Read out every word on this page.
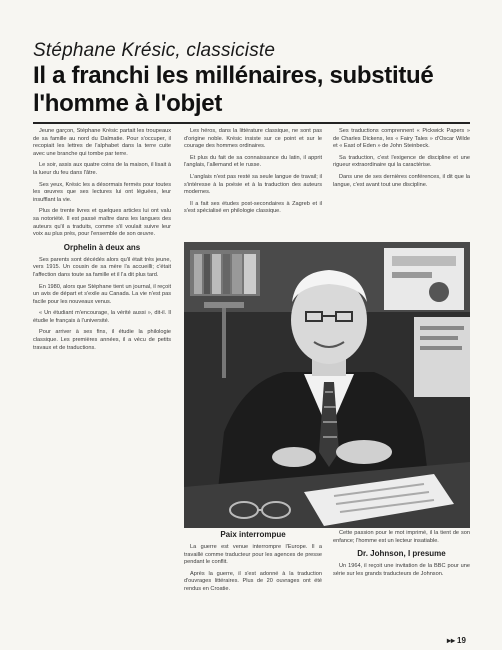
Stéphane Krésic, classiciste
Il a franchi les millénaires, substitué l'homme à l'objet

Jeune garçon, Stéphane Krésic partait les troupeaux de sa famille au nord du Dalmatie. Pour s'occuper, il recopiait les lettres de l'alphabet dans la terre cuite avec une branche qui tombe par terre.

Le soir, assis aux quatre coins de la maison, il lisait à la lueur du feu dans l'âtre.

Ses yeux, Krésic les a désormais fermés pour toutes les œuvres que ses lectures lui ont léguées, leur insufflant la vie.

Plus de trente livres et quelques articles lui ont valu sa notoriété. Il est passé maître dans les langues des auteurs qu'il a traduits, comme s'il voulait suivre leur voix au plus près, pour l'ensemble de son œuvre.

Orphelin à deux ans

Ses parents sont décédés alors qu'il était très jeune, vers 1915. Un cousin de sa mère l'a accueilli; c'était l'affection dans toute sa famille et il l'a dit plus tard.

En 1980, alors que Stéphane tient un journal, il reçoit un avis de départ et s'exile au Canada. La vie n'est pas facile pour les nouveaux venus.

« Un étudiant m'encourage, la vérité aussi », dit-il. Il étudie le français à l'université.

Pour arriver à ses fins, il étudie la philologie classique. Les premières années, il a vécu de petits travaux et de traductions.

Les héros, dans la littérature classique, ne sont pas d'origine noble. Krésic insiste sur ce point et sur le courage des hommes ordinaires.

Et plus du fait de sa connaissance du latin, il apprit l'anglais, l'allemand et le russe.

L'anglais n'est pas resté sa seule langue de travail; il s'intéresse à la poésie et à la traduction des auteurs modernes.

Il a fait ses études post-secondaires à Zagreb et il s'est spécialisé en philologie classique.

Ses traductions comprennent « Pickwick Papers » de Charles Dickens, les « Fairy Tales » d'Oscar Wilde et « East of Eden » de John Steinbeck.

Sa traduction, c'est l'exigence de discipline et une rigueur extraordinaire qui la caractérise.

Dans une de ses dernières conférences, il dit que la langue, c'est avant tout une discipline.

Paix interrompue

La guerre est venue interrompre l'Europe. Il a travaillé comme traducteur pour les agences de presse pendant le conflit.

Après la guerre, il s'est adonné à la traduction d'ouvrages littéraires. Plus de 20 ouvrages ont été rendus en Croatie.

Cette passion pour le mot imprimé, il la tient de son enfance; l'homme est un lecteur insatiable.

Dr. Johnson, I presume

Un 1964, il reçoit une invitation de la BBC pour une série sur les grands traducteurs de Johnson.

▸▸ 19
